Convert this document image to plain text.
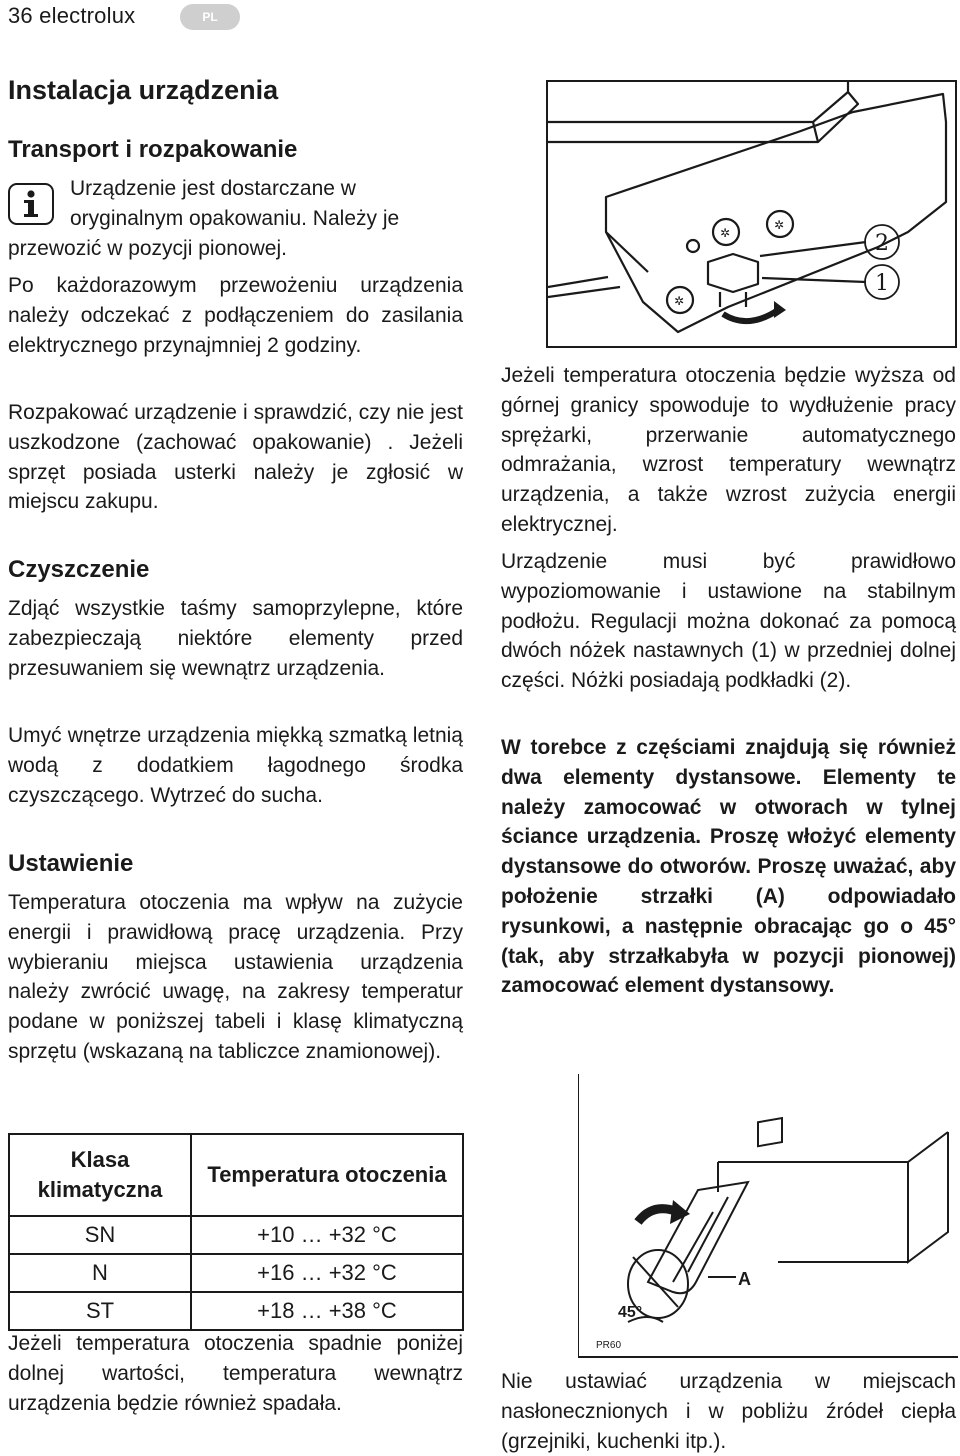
36 electrolux	PL
Instalacja urządzenia
Transport i rozpakowanie

Urządzenie jest dostarczane w

oryginalnym opakowaniu. Należy je

przewozić w pozycji pionowej.

Po każdorazowym przewożeniu urządzenia należy odczekać z podłączeniem do zasilania elektrycznego przynajmniej 2 godziny.

Rozpakować urządzenie i sprawdzić, czy nie jest uszkodzone (zachować opakowanie) . Jeżeli sprzęt posiada usterki należy je zgłosić w miejscu zakupu.

Czyszczenie

Zdjąć wszystkie taśmy samoprzylepne, które zabezpieczają niektóre elementy przed przesuwaniem się wewnątrz urządzenia.

Umyć wnętrze urządzenia miękką szmatką letnią wodą z dodatkiem łagodnego środka czyszczącego. Wytrzeć do sucha.

Ustawienie

Temperatura otoczenia ma wpływ na zużycie energii i prawidłową pracę urządzenia. Przy wybieraniu miejsca ustawienia urządzenia należy zwrócić uwagę, na zakresy temperatur podane w poniższej tabeli i klasę klimatyczną sprzętu (wskazaną na tabliczce znamionowej).

Klasa klimatyczna	Temperatura otoczenia
SN	+10 … +32 °C
N	+16 … +32 °C
ST	+18 … +38 °C

Jeżeli temperatura otoczenia spadnie poniżej dolnej wartości, temperatura wewnątrz urządzenia będzie również spadała.

✲
✲
✲
2
1

Jeżeli temperatura otoczenia będzie wyższa od górnej granicy spowoduje to wydłużenie pracy sprężarki, przerwanie automatycznego odmrażania, wzrost temperatury wewnątrz urządzenia, a także wzrost zużycia energii elektrycznej.

Urządzenie musi być prawidłowo wypoziomowanie i ustawione na stabilnym podłożu. Regulacji można dokonać za pomocą dwóch nóżek nastawnych (1) w przedniej dolnej części. Nóżki posiadają podkładki (2).

W torebce z częściami znajdują się również dwa elementy dystansowe. Elementy te należy zamocować w otworach w tylnej ściance urządzenia. Proszę włożyć elementy dystansowe do otworów. Proszę uważać, aby położenie strzałki (A) odpowiadało rysunkowi, a następnie obracając go o 45° (tak, aby strzałkabyła w pozycji pionowej) zamocować element dystansowy.

A
45°
PR60

Nie ustawiać urządzenia w miejscach nasłonecznionych i w pobliżu źródeł ciepła (grzejniki, kuchenki itp.).
